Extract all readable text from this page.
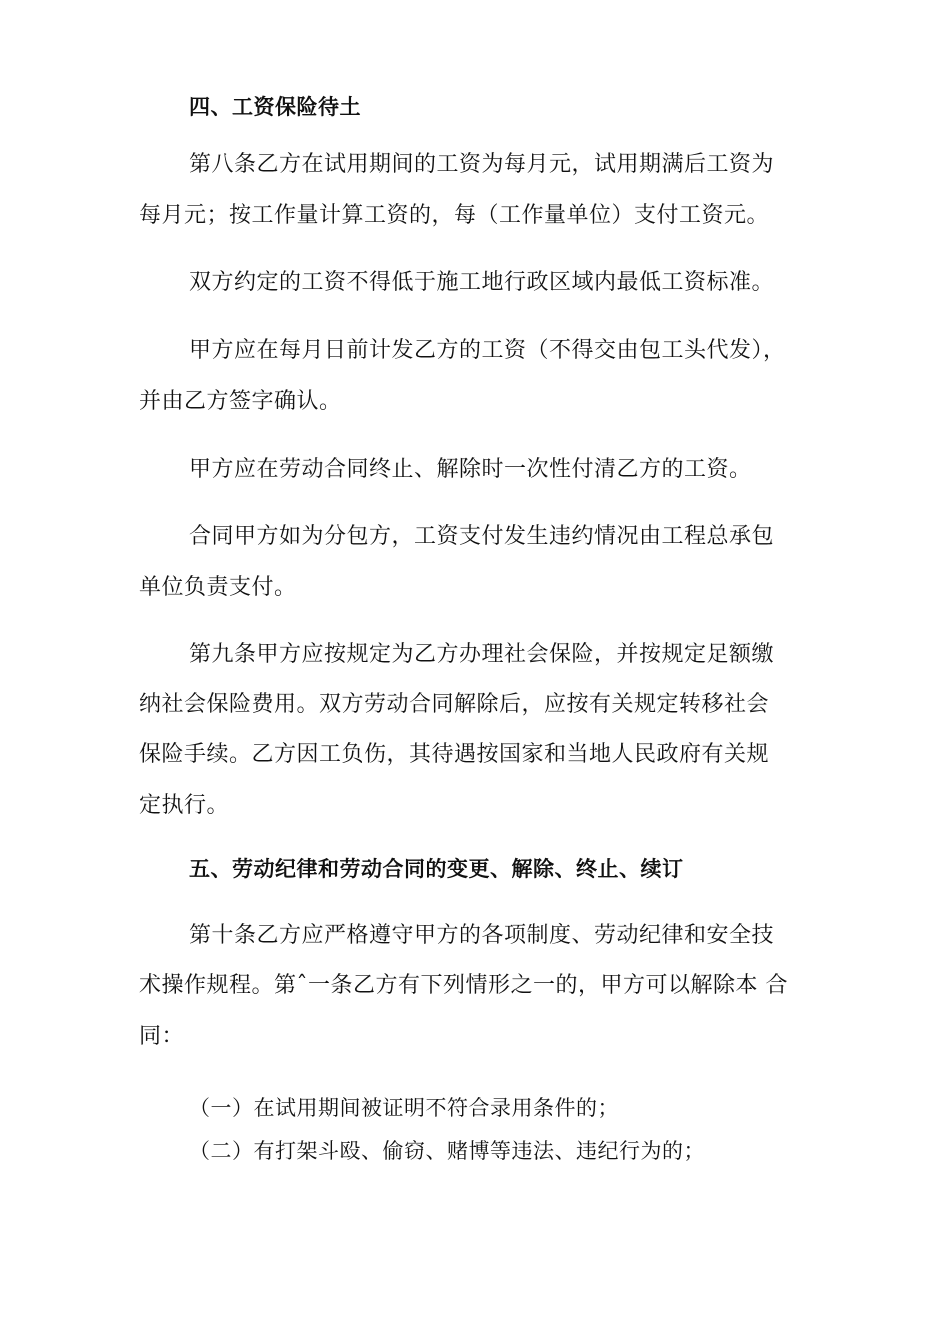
四、工资保险待土
第八条乙方在试用期间的工资为每月元，试用期满后工资为
每月元；按工作量计算工资的，每（工作量单位）支付工资元。
双方约定的工资不得低于施工地行政区域内最低工资标准。
甲方应在每月日前计发乙方的工资（不得交由包工头代发），
并由乙方签字确认。
甲方应在劳动合同终止、解除时一次性付清乙方的工资。
合同甲方如为分包方，工资支付发生违约情况由工程总承包
单位负责支付。
第九条甲方应按规定为乙方办理社会保险，并按规定足额缴
纳社会保险费用。双方劳动合同解除后，应按有关规定转移社会
保险手续。乙方因工负伤，其待遇按国家和当地人民政府有关规
定执行。
五、劳动纪律和劳动合同的变更、解除、终止、续订
第十条乙方应严格遵守甲方的各项制度、劳动纪律和安全技
术操作规程。第ˆ一条乙方有下列情形之一的，甲方可以解除本 合
同：
（一）在试用期间被证明不符合录用条件的；
（二）有打架斗殴、偷窃、赌博等违法、违纪行为的；
